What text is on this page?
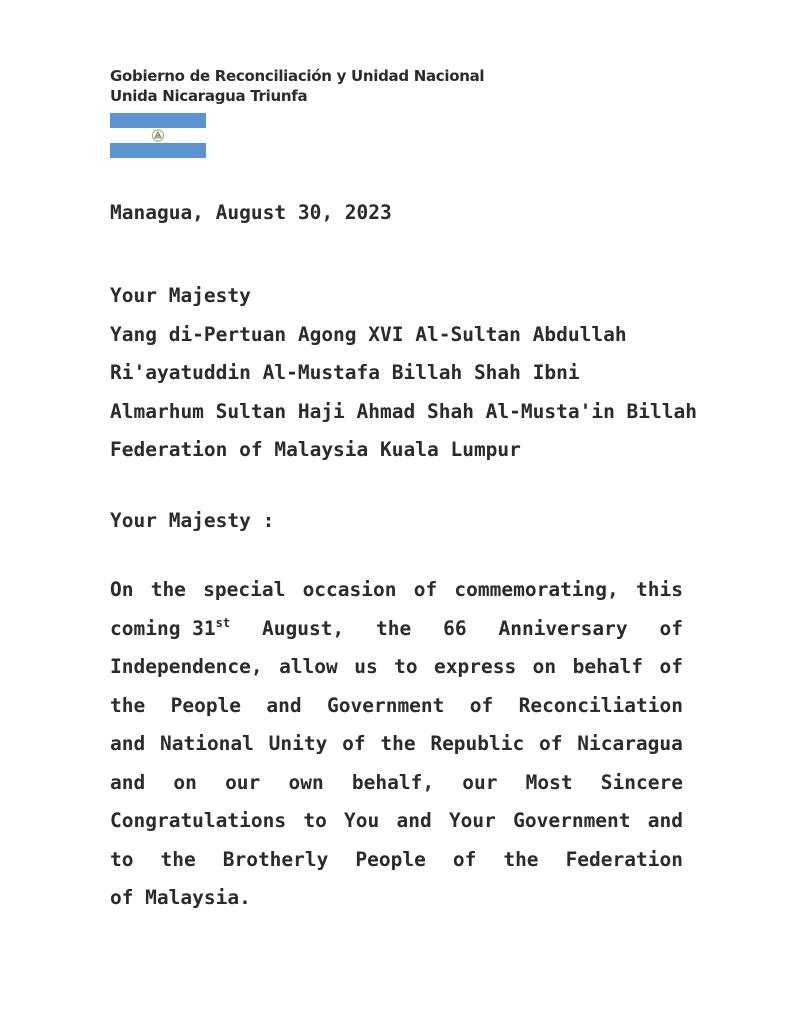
Gobierno de Reconciliación y Unidad Nacional
Unida Nicaragua Triunfa
Managua, August 30, 2023
Your Majesty
Yang di-Pertuan Agong XVI Al-Sultan Abdullah
Ri'ayatuddin Al-Mustafa Billah Shah Ibni
Almarhum Sultan Haji Ahmad Shah Al-Musta'in Billah
Federation of Malaysia Kuala Lumpur
Your Majesty :
On the special occasion of commemorating, this
coming 31st August, the 66 Anniversary of
Independence, allow us to express on behalf of
the People and Government of Reconciliation
and National Unity of the Republic of Nicaragua
and on our own behalf, our Most Sincere
Congratulations to You and Your Government and
to the Brotherly People of the Federation
of Malaysia.
